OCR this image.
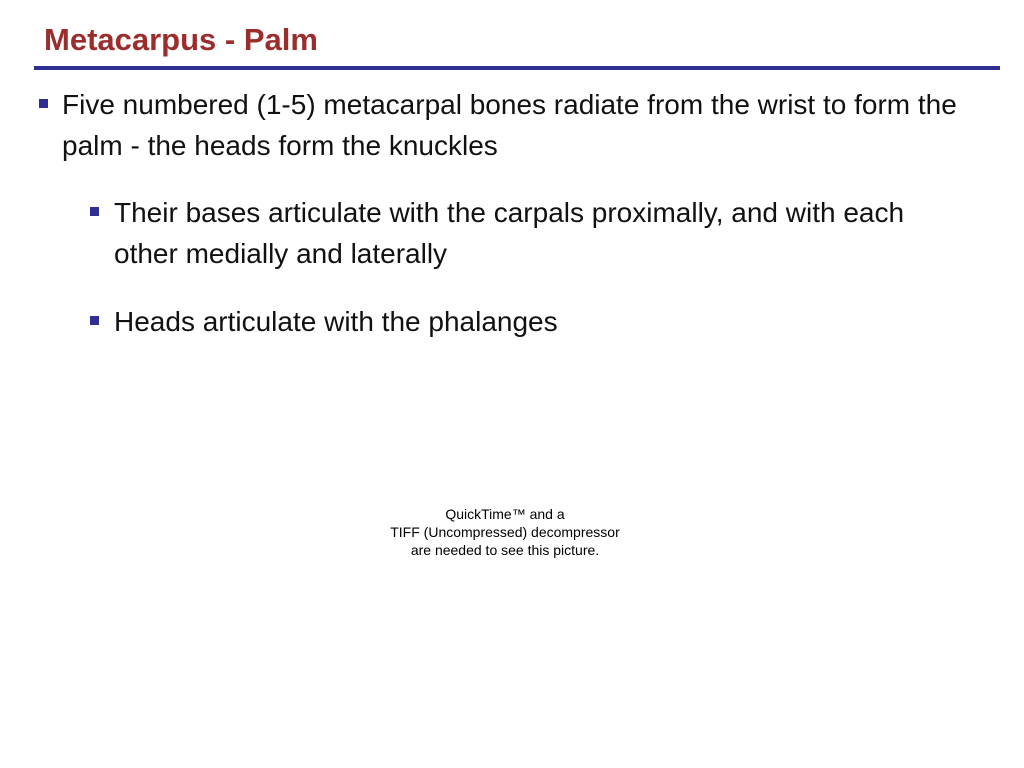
Metacarpus - Palm
Five numbered (1-5) metacarpal bones radiate from the wrist to form the palm - the heads form the knuckles
Their bases articulate with the carpals proximally, and with each other medially and laterally
Heads articulate with the phalanges
QuickTime™ and a
TIFF (Uncompressed) decompressor
are needed to see this picture.
